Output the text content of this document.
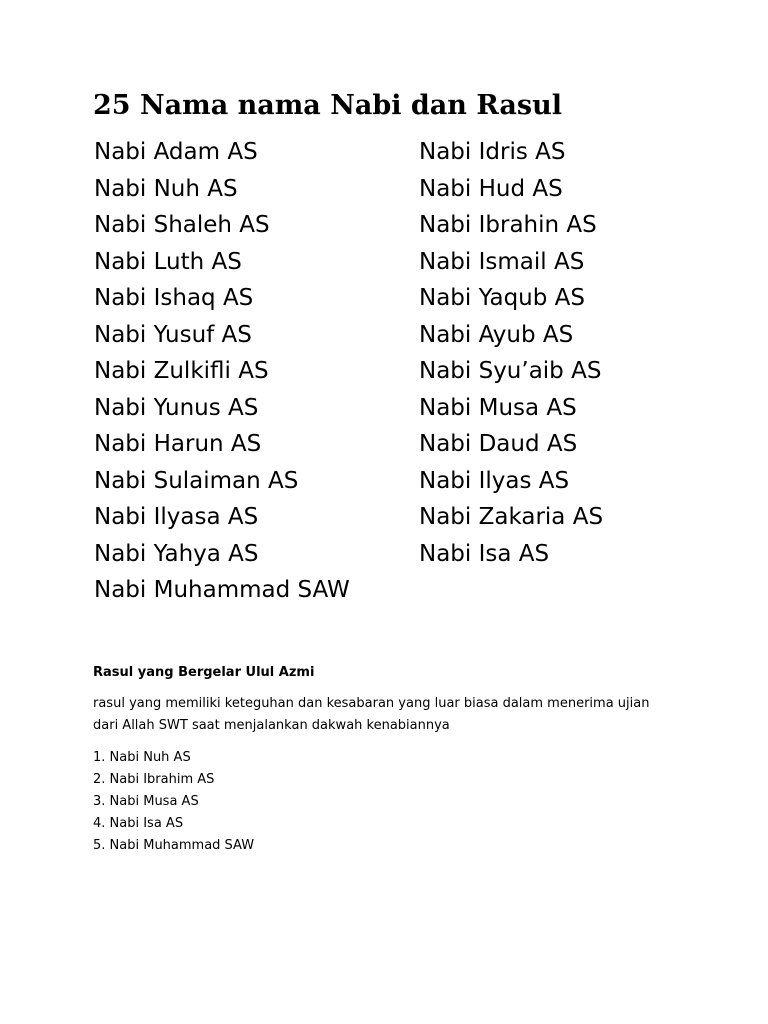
25 Nama nama Nabi dan Rasul
Nabi Adam AS
Nabi Nuh AS
Nabi Shaleh AS
Nabi Luth AS
Nabi Ishaq AS
Nabi Yusuf AS
Nabi Zulkifli AS
Nabi Yunus AS
Nabi Harun AS
Nabi Sulaiman AS
Nabi Ilyasa AS
Nabi Yahya AS
Nabi Muhammad SAW
Nabi Idris AS
Nabi Hud AS
Nabi Ibrahin AS
Nabi Ismail AS
Nabi Yaqub AS
Nabi Ayub AS
Nabi Syu’aib AS
Nabi Musa AS
Nabi Daud AS
Nabi Ilyas AS
Nabi Zakaria AS
Nabi Isa AS
Rasul yang Bergelar Ulul Azmi

rasul yang memiliki keteguhan dan kesabaran yang luar biasa dalam menerima ujian dari Allah SWT saat menjalankan dakwah kenabiannya

1. Nabi Nuh AS
2. Nabi Ibrahim AS
3. Nabi Musa AS
4. Nabi Isa AS
5. Nabi Muhammad SAW
